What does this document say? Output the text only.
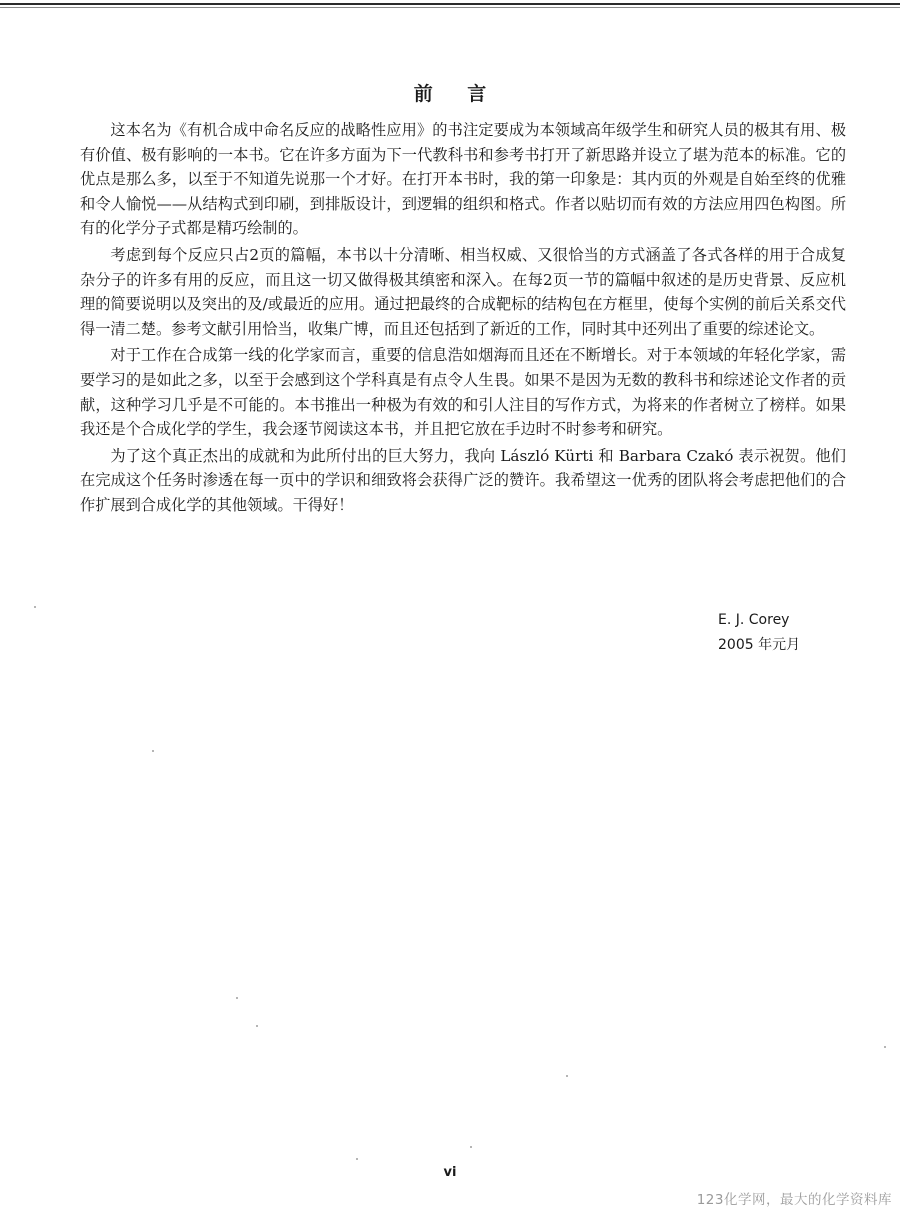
前 言

这本名为《有机合成中命名反应的战略性应用》的书注定要成为本领域高年级学生和研究人员的极其有用、极有价值、极有影响的一本书。它在许多方面为下一代教科书和参考书打开了新思路并设立了堪为范本的标准。它的优点是那么多，以至于不知道先说那一个才好。在打开本书时，我的第一印象是：其内页的外观是自始至终的优雅和令人愉悦——从结构式到印刷，到排版设计，到逻辑的组织和格式。作者以贴切而有效的方法应用四色构图。所有的化学分子式都是精巧绘制的。

考虑到每个反应只占2页的篇幅，本书以十分清晰、相当权威、又很恰当的方式涵盖了各式各样的用于合成复杂分子的许多有用的反应，而且这一切又做得极其缜密和深入。在每2页一节的篇幅中叙述的是历史背景、反应机理的简要说明以及突出的及/或最近的应用。通过把最终的合成靶标的结构包在方框里，使每个实例的前后关系交代得一清二楚。参考文献引用恰当，收集广博，而且还包括到了新近的工作，同时其中还列出了重要的综述论文。

对于工作在合成第一线的化学家而言，重要的信息浩如烟海而且还在不断增长。对于本领域的年轻化学家，需要学习的是如此之多，以至于会感到这个学科真是有点令人生畏。如果不是因为无数的教科书和综述论文作者的贡献，这种学习几乎是不可能的。本书推出一种极为有效的和引人注目的写作方式，为将来的作者树立了榜样。如果我还是个合成化学的学生，我会逐节阅读这本书，并且把它放在手边时不时参考和研究。

为了这个真正杰出的成就和为此所付出的巨大努力，我向 László Kürti 和 Barbara Czakó 表示祝贺。他们在完成这个任务时渗透在每一页中的学识和细致将会获得广泛的赞许。我希望这一优秀的团队将会考虑把他们的合作扩展到合成化学的其他领域。干得好！

E. J. Corey
2005 年元月
vi
123化学网，最大的化学资料库
